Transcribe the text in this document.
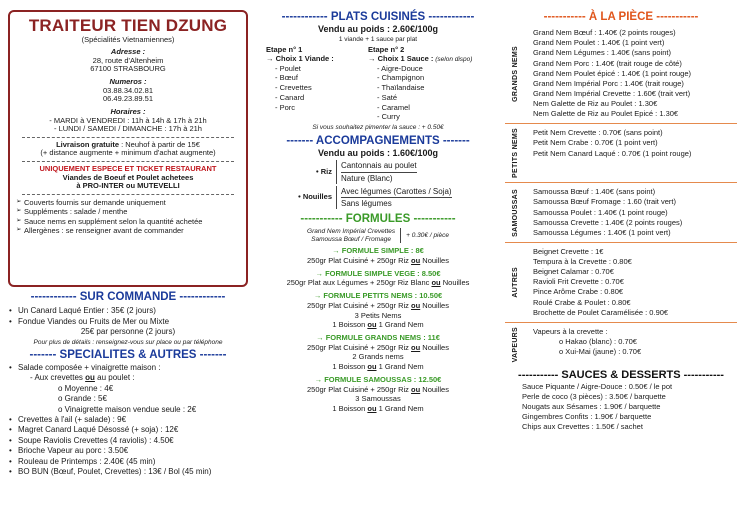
TRAITEUR TIEN DZUNG
(Spécialités Vietnamiennes)
Adresse :
28, route d'Altenheim
67100 STRASBOURG
Numeros :
03.88.34.02.81
06.49.23.89.51
Horaires :
- MARDI à VENDREDI : 11h à 14h & 17h à 21h
- LUNDI / SAMEDI / DIMANCHE : 17h à 21h
Livraison gratuite : Neuhof à partir de 15€
(+ distance augmente + minimum d'achat augmente)
UNIQUEMENT ESPECE ET TICKET RESTAURANT
Viandes de Boeuf et Poulet achetees
à PRO-INTER ou MUTEVELLI
➢ Couverts fournis sur demande uniquement
➢ Suppléments : salade / menthe
➢ Sauce nems en supplément selon la quantité achetée
➢ Allergènes : se renseigner avant de commander
------------ SUR COMMANDE ------------
• Un Canard Laqué Entier : 35€ (2 jours)
• Fondue Viandes ou Fruits de Mer ou Mixte
25€ par personne (2 jours)
Pour plus de détails : renseignez-vous sur place ou par téléphone
------- SPECIALITES & AUTRES -------
• Salade composée + vinaigrette maison :
- Aux crevettes ou au poulet :
o Moyenne : 4€
o Grande : 5€
o Vinaigrette maison vendue seule : 2€
• Crevettes à l'ail (+ salade) : 9€
• Magret Canard Laqué Désossé (+ soja) : 12€
• Soupe Raviolis Crevettes (4 raviolis) : 4.50€
• Brioche Vapeur au porc : 3.50€
• Rouleau de Printemps : 2.40€ (45 min)
• BO BUN (Bœuf, Poulet, Crevettes) : 13€ / Bol (45 min)
------------ PLATS CUISINÉS ------------
Vendu au poids : 2.60€/100g
1 viande + 1 sauce par plat
Etape n° 1
→ Choix 1 Viande :
- Poulet
- Bœuf
- Crevettes
- Canard
- Porc
Etape n° 2
→ Choix 1 Sauce : (selon dispo)
- Aigre-Douce
- Champignon
- Thaïlandaise
- Saté
- Caramel
- Curry
Si vous souhaitez pimenter la sauce : + 0.50€
------- ACCOMPAGNEMENTS -------
Vendu au poids : 1.60€/100g
• Riz
Cantonnais au poulet
Nature (Blanc)
• Nouilles
Avec légumes (Carottes / Soja)
Sans légumes
----------- FORMULES -----------
Grand Nem Impérial Crevettes
Samoussa Bœuf / Fromage
+ 0.30€ / pièce
→ FORMULE SIMPLE : 8€
250gr Plat Cuisiné + 250gr Riz ou Nouilles
→ FORMULE SIMPLE VEGE : 8.50€
250gr Plat aux Légumes + 250gr Riz Blanc ou Nouilles
→ FORMULE PETITS NEMS : 10.50€
250gr Plat Cuisiné + 250gr Riz ou Nouilles
3 Petits Nems
1 Boisson ou 1 Grand Nem
→ FORMULE GRANDS NEMS : 11€
250gr Plat Cuisiné + 250gr Riz ou Nouilles
2 Grands nems
1 Boisson ou 1 Grand Nem
→ FORMULE SAMOUSSAS : 12.50€
250gr Plat Cuisiné + 250gr Riz ou Nouilles
3 Samoussas
1 Boisson ou 1 Grand Nem
----------- À LA PIÈCE -----------
GRANDS NEMS
Grand Nem Bœuf : 1.40€ (2 points rouges)
Grand Nem Poulet : 1.40€ (1 point vert)
Grand Nem Légumes : 1.40€ (sans point)
Grand Nem Porc : 1.40€ (trait rouge de côté)
Grand Nem Poulet épicé : 1.40€ (1 point rouge)
Grand Nem Impérial Porc : 1.40€ (trait rouge)
Grand Nem Impérial Crevette : 1.60€ (trait vert)
Nem Galette de Riz au Poulet : 1.30€
Nem Galette de Riz au Poulet Epicé : 1.30€
PETITS NEMS Petit Nem Crevette : 0.70€ (sans point)
Petit Nem Crabe : 0.70€ (1 point vert)
Petit Nem Canard Laqué : 0.70€ (1 point rouge)
SAMOUSSAS Samoussa Bœuf : 1.40€ (sans point)
Samoussa Bœuf Fromage : 1.60 (trait vert)
Samoussa Poulet : 1.40€ (1 point rouge)
Samoussa Crevette : 1.40€ (2 points rouges)
Samoussa Légumes : 1.40€ (1 point vert)
AUTRES
Beignet Crevette : 1€
Tempura à la Crevette : 0.80€
Beignet Calamar : 0.70€
Ravioli Frit Crevette : 0.70€
Pince Arôme Crabe : 0.80€
Roulé Crabe & Poulet : 0.80€
Brochette de Poulet Caramélisée : 0.90€
VAPEURS Vapeurs à la crevette :
o Hakao (blanc) : 0.70€
o Xui-Mai (jaune) : 0.70€
----------- SAUCES & DESSERTS -----------
Sauce Piquante / Aigre-Douce : 0.50€ / le pot
Perle de coco (3 pièces) : 3.50€ / barquette
Nougats aux Sésames : 1.90€ / barquette
Gingembres Confits : 1.90€ / barquette
Chips aux Crevettes : 1.50€ / sachet
